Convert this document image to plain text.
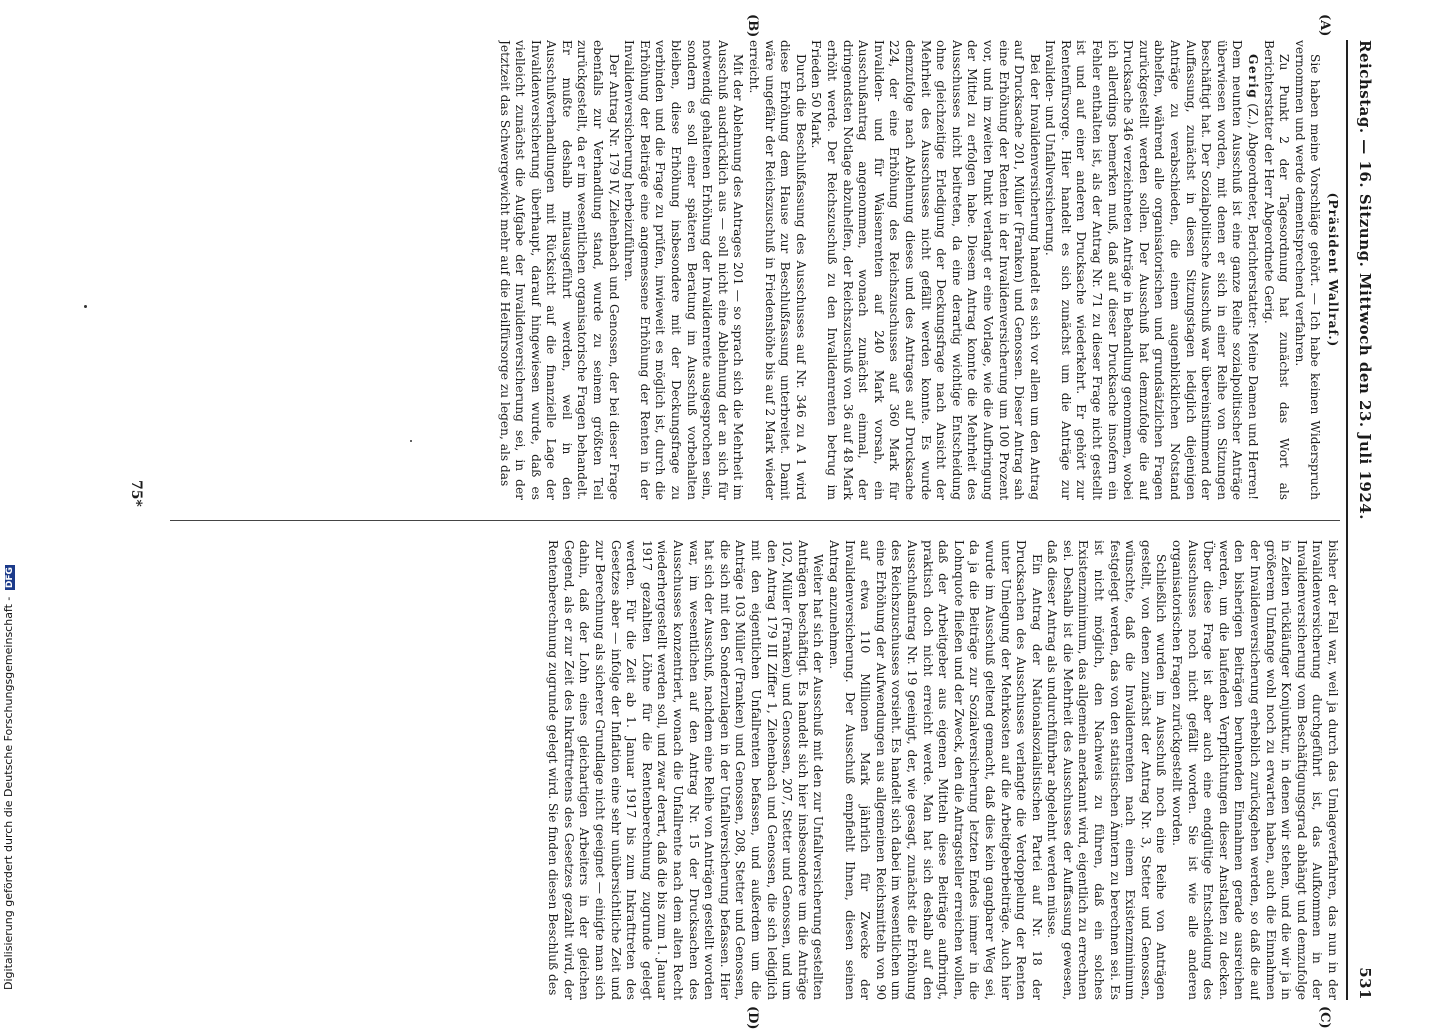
Reichstag. — 16. Sitzung. Mittwoch den 23. Juli 1924.
531

(Präsident Wallraf.)

Sie haben meine Vorschläge gehört. — Ich habe keinen Widerspruch vernommen und werde dementsprechend verfahren.

Zu Punkt 2 der Tagesordnung hat zunächst das Wort als Berichterstatter der Herr Abgeordnete Gerig.

Gerig (Z.), Abgeordneter, Berichterstatter: Meine Damen und Herren! Dem neunten Ausschuß ist eine ganze Reihe sozialpolitischer Anträge überwiesen worden, mit denen er sich in einer Reihe von Sitzungen beschäftigt hat. Der Sozialpolitische Ausschuß war übereinstimmend der Auffassung, zunächst in diesen Sitzungstagen lediglich diejenigen Anträge zu verabschieden, die einem augenblicklichen Notstand abhelfen, während alle organisatorischen und grundsätzlichen Fragen zurückgestellt werden sollen. Der Ausschuß hat demzufolge die auf Drucksache 346 verzeichneten Anträge in Behandlung genommen, wobei ich allerdings bemerken muß, daß auf dieser Drucksache insofern ein Fehler enthalten ist, als der Antrag Nr. 71 zu dieser Frage nicht gestellt ist und auf einer anderen Drucksache wiederkehrt. Er gehört zur Rentenfürsorge. Hier handelt es sich zunächst um die Anträge zur Invaliden- und Unfallversicherung.

Bei der Invalidenversicherung handelt es sich vor allem um den Antrag auf Drucksache 201, Müller (Franken) und Genossen. Dieser Antrag sah eine Erhöhung der Renten in der Invalidenversicherung um 100 Prozent vor, und im zweiten Punkt verlangt er eine Vorlage, wie die Aufbringung der Mittel zu erfolgen habe. Diesem Antrag konnte die Mehrheit des Ausschusses nicht beitreten, da eine derartig wichtige Entscheidung ohne gleichzeitige Erledigung der Deckungsfrage nach Ansicht der Mehrheit des Ausschusses nicht gefällt werden konnte. Es wurde demzufolge nach Ablehnung dieses und des Antrages auf Drucksache 224, der eine Erhöhung des Reichszuschusses auf 360 Mark für Invaliden- und für Waisenrenten auf 240 Mark vorsah, ein Ausschußantrag angenommen, wonach zunächst einmal, der dringendsten Notlage abzuhelfen, der Reichszuschuß von 36 auf 48 Mark erhöht werde. Der Reichszuschuß zu den Invalidenrenten betrug im Frieden 50 Mark.

Durch die Beschlußfassung des Ausschusses auf Nr. 346 zu A 1 wird diese Erhöhung dem Hause zur Beschlußfassung unterbreitet. Damit wäre ungefähr der Reichszuschuß in Friedenshöhe bis auf 2 Mark wieder erreicht.

Mit der Ablehnung des Antrages 201 — so sprach sich die Mehrheit im Ausschuß ausdrücklich aus — soll nicht eine Ablehnung der an sich für notwendig gehaltenen Erhöhung der Invalidenrente ausgesprochen sein, sondern es soll einer späteren Beratung im Ausschuß vorbehalten bleiben, diese Erhöhung insbesondere mit der Deckungsfrage zu verbinden und die Frage zu prüfen, inwieweit es möglich ist, durch die Erhöhung der Beiträge eine angemessene Erhöhung der Renten in der Invalidenversicherung herbeizuführen.

Der Antrag Nr. 179 IV, Ziehenbach und Genossen, der bei dieser Frage ebenfalls zur Verhandlung stand, wurde zu seinem größten Teil zurückgestellt, da er im wesentlichen organisatorische Fragen behandelt. Er mußte deshalb mitausgeführt werden, weil in den Ausschußverhandlungen mit Rücksicht auf die finanzielle Lage der Invalidenversicherung überhaupt, darauf hingewiesen wurde, daß es vielleicht zunächst die Aufgabe der Invalidenversicherung sei, in der Jetztzeit das Schwergewicht mehr auf die Heilfürsorge zu legen, als das

bisher der Fall war, weil ja durch das Umlageverfahren, das nun in der Invalidenversicherung durchgeführt ist, das Aufkommen in der Invalidenversicherung vom Beschäftigungsgrad abhängt und demzufolge in Zeiten rückläufiger Konjunktur, in denen wir stehen, und die wir ja in größerem Umfange wohl noch zu erwarten haben, auch die Einnahmen der Invalidenversicherung erheblich zurückgehen werden, so daß die auf den bisherigen Beiträgen beruhenden Einnahmen gerade ausreichen werden, um die laufenden Verpflichtungen dieser Anstalten zu decken. Über diese Frage ist aber auch eine endgültige Entscheidung des Ausschusses noch nicht gefällt worden. Sie ist wie alle anderen organisatorischen Fragen zurückgestellt worden.

Schließlich wurden im Ausschuß noch eine Reihe von Anträgen gestellt, von denen zunächst der Antrag Nr. 3, Stetter und Genossen, wünschte, daß die Invalidenrenten nach einem Existenzminimum festgelegt werden, das von den statistischen Ämtern zu berechnen sei. Es ist nicht möglich, den Nachweis zu führen, daß ein solches Existenzminimum, das allgemein anerkannt wird, eigentlich zu errechnen sei. Deshalb ist die Mehrheit des Ausschusses der Auffassung gewesen, daß dieser Antrag als undurchführbar abgelehnt werden müsse.

Ein Antrag der Nationalsozialistischen Partei auf Nr. 18 der Drucksachen des Ausschusses verlangte die Verdoppelung der Renten unter Umlegung der Mehrkosten auf die Arbeitgeberbeiträge. Auch hier wurde im Ausschuß geltend gemacht, daß dies kein gangbarer Weg sei, da ja die Beiträge zur Sozialversicherung letzten Endes immer in die Lohnquote fließen und der Zweck, den die Antragsteller erreichen wollen, daß der Arbeitgeber aus eigenen Mitteln diese Beiträge aufbringt, praktisch doch nicht erreicht werde. Man hat sich deshalb auf den Ausschußantrag Nr. 19 geeinigt, der, wie gesagt, zunächst die Erhöhung des Reichszuschusses vorsieht. Es handelt sich dabei im wesentlichen um eine Erhöhung der Aufwendungen aus allgemeinen Reichsmitteln von 90 auf etwa 110 Millionen Mark jährlich für Zwecke der Invalidenversicherung. Der Ausschuß empfiehlt Ihnen, diesen seinen Antrag anzunehmen.

Weiter hat sich der Ausschuß mit den zur Unfallversicherung gestellten Anträgen beschäftigt. Es handelt sich hier insbesondere um die Anträge 102, Müller (Franken) und Genossen, 207, Stetter und Genossen, und um den Antrag 179 III Ziffer 1, Ziehenbach und Genossen, die sich lediglich mit den eigentlichen Unfallrenten befassen, und außerdem um die Anträge 103 Müller (Franken) und Genossen, 208, Stetter und Genossen, die sich mit den Sonderzulagen in der Unfallversicherung befassen. Hier hat sich der Ausschuß, nachdem eine Reihe von Anträgen gestellt worden war, im wesentlichen auf den Antrag Nr. 15 der Drucksachen des Ausschusses konzentriert, wonach die Unfallrente nach dem alten Recht wiederhergestellt werden soll, und zwar derart, daß die bis zum 1. Januar 1917 gezahlten Löhne für die Rentenberechnung zugrunde gelegt werden. Für die Zeit ab 1. Januar 1917 bis zum Inkrafttreten des Gesetzes aber — infolge der Inflation eine sehr unübersichtliche Zeit und zur Berechnung als sicherer Grundlage nicht geeignet — einigte man sich dahin, daß der Lohn eines gleichartigen Arbeiters in der gleichen Gegend, als er zur Zeit des Inkrafttretens des Gesetzes gezahlt wird, der Rentenberechnung zugrunde gelegt wird. Sie finden diesen Beschluß des

(A)
(B)
(C)
(D)
75*
Digitalisierung gefördert durch die Deutsche Forschungsgemeinschaft - DFG
